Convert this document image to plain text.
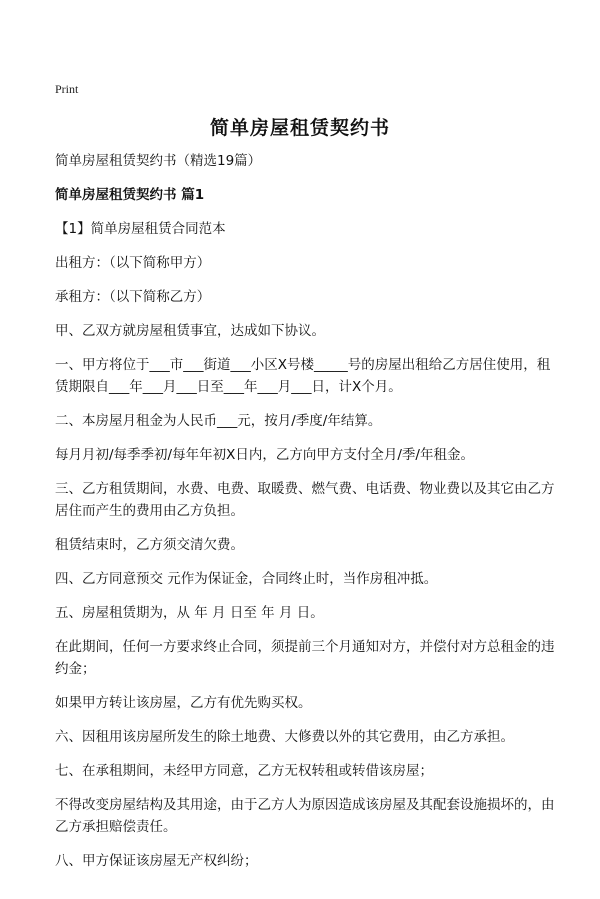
Print
简单房屋租赁契约书

简单房屋租赁契约书（精选19篇）

简单房屋租赁契约书 篇1

【1】简单房屋租赁合同范本

出租方：（以下简称甲方）

承租方：（以下简称乙方）

甲、乙双方就房屋租赁事宜，达成如下协议。

一、甲方将位于___市___街道___小区X号楼_____号的房屋出租给乙方居住使用，租赁期限自___年___月___日至___年___月___日，计X个月。

二、本房屋月租金为人民币___元，按月/季度/年结算。

每月月初/每季季初/每年年初X日内，乙方向甲方支付全月/季/年租金。

三、乙方租赁期间，水费、电费、取暖费、燃气费、电话费、物业费以及其它由乙方居住而产生的费用由乙方负担。

租赁结束时，乙方须交清欠费。

四、乙方同意预交 元作为保证金，合同终止时，当作房租冲抵。

五、房屋租赁期为，从 年 月 日至 年 月 日。

在此期间，任何一方要求终止合同，须提前三个月通知对方，并偿付对方总租金的违约金；

如果甲方转让该房屋，乙方有优先购买权。

六、因租用该房屋所发生的除土地费、大修费以外的其它费用，由乙方承担。

七、在承租期间，未经甲方同意，乙方无权转租或转借该房屋；

不得改变房屋结构及其用途，由于乙方人为原因造成该房屋及其配套设施损坏的，由乙方承担赔偿责任。

八、甲方保证该房屋无产权纠纷；
